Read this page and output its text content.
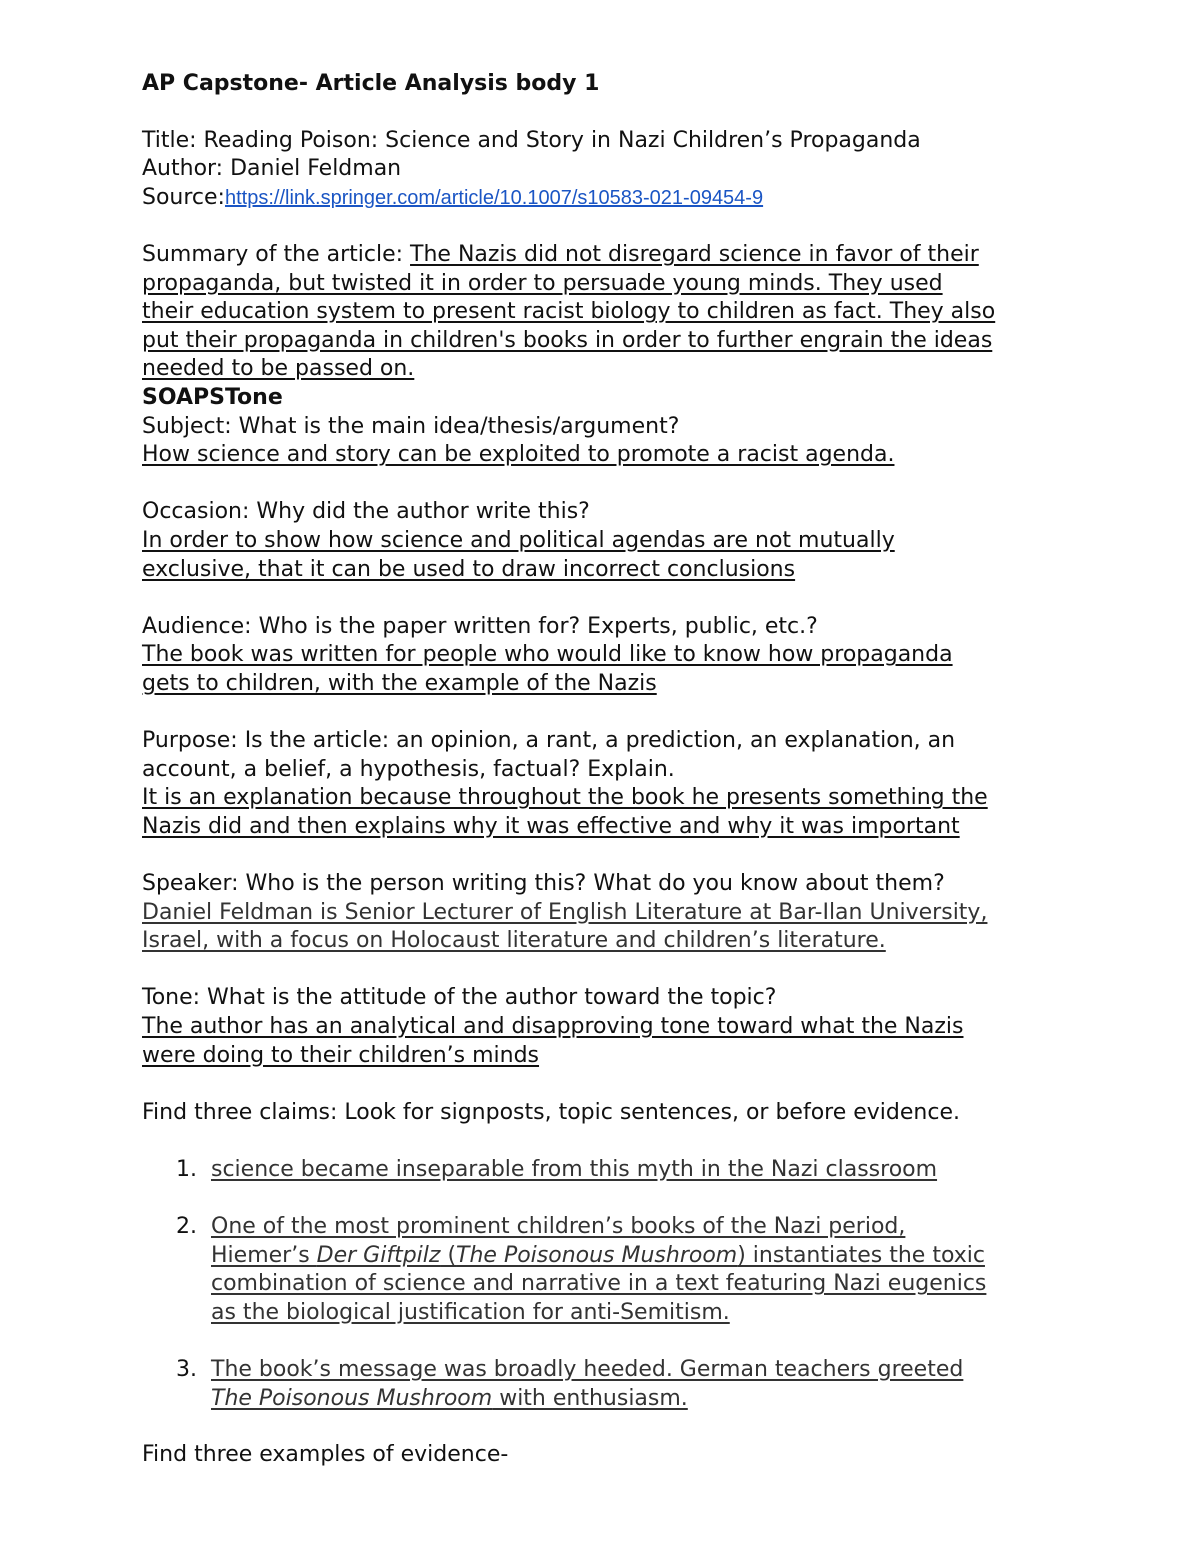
AP Capstone- Article Analysis body 1

Title: Reading Poison: Science and Story in Nazi Children’s Propaganda

Author: Daniel Feldman

Source:https://link.springer.com/article/10.1007/s10583-021-09454-9

Summary of the article: The Nazis did not disregard science in favor of their

propaganda, but twisted it in order to persuade young minds. They used

their education system to present racist biology to children as fact. They also

put their propaganda in children's books in order to further engrain the ideas

needed to be passed on.

SOAPSTone

Subject: What is the main idea/thesis/argument?

How science and story can be exploited to promote a racist agenda.

Occasion: Why did the author write this?

In order to show how science and political agendas are not mutually

exclusive, that it can be used to draw incorrect conclusions

Audience: Who is the paper written for? Experts, public, etc.?

The book was written for people who would like to know how propaganda

gets to children, with the example of the Nazis

Purpose: Is the article: an opinion, a rant, a prediction, an explanation, an

account, a belief, a hypothesis, factual? Explain.

It is an explanation because throughout the book he presents something the

Nazis did and then explains why it was effective and why it was important

Speaker: Who is the person writing this? What do you know about them?

Daniel Feldman is Senior Lecturer of English Literature at Bar-Ilan University,

Israel, with a focus on Holocaust literature and children’s literature.

Tone: What is the attitude of the author toward the topic?

The author has an analytical and disapproving tone toward what the Nazis

were doing to their children’s minds

Find three claims: Look for signposts, topic sentences, or before evidence.

1. science became inseparable from this myth in the Nazi classroom
2. One of the most prominent children’s books of the Nazi period,
Hiemer’s Der Giftpilz (The Poisonous Mushroom) instantiates the toxic
combination of science and narrative in a text featuring Nazi eugenics
as the biological justification for anti-Semitism.
3. The book’s message was broadly heeded. German teachers greeted
The Poisonous Mushroom with enthusiasm.

Find three examples of evidence-
